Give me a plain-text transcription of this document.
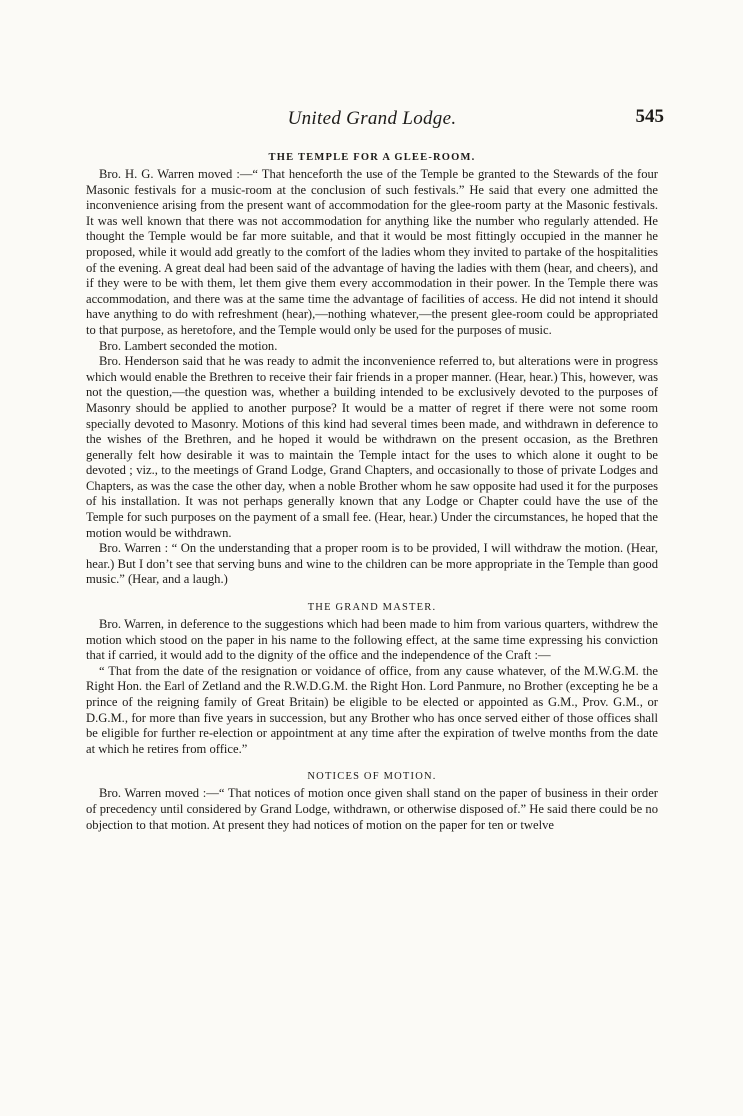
United Grand Lodge.	545
THE TEMPLE FOR A GLEE-ROOM.

Bro. H. G. Warren moved :—“ That henceforth the use of the Temple be granted to the Stewards of the four Masonic festivals for a music-room at the conclusion of such festivals.” He said that every one admitted the inconvenience arising from the present want of accommodation for the glee-room party at the Masonic festivals. It was well known that there was not accommodation for anything like the number who regularly attended. He thought the Temple would be far more suitable, and that it would be most fittingly occupied in the manner he proposed, while it would add greatly to the comfort of the ladies whom they invited to partake of the hospitalities of the evening. A great deal had been said of the advantage of having the ladies with them (hear, and cheers), and if they were to be with them, let them give them every accommodation in their power. In the Temple there was accommodation, and there was at the same time the advantage of facilities of access. He did not intend it should have anything to do with refreshment (hear),—nothing whatever,—the present glee-room could be appropriated to that purpose, as heretofore, and the Temple would only be used for the purposes of music.

Bro. Lambert seconded the motion.

Bro. Henderson said that he was ready to admit the inconvenience referred to, but alterations were in progress which would enable the Brethren to receive their fair friends in a proper manner. (Hear, hear.) This, however, was not the question,—the question was, whether a building intended to be exclusively devoted to the purposes of Masonry should be applied to another purpose? It would be a matter of regret if there were not some room specially devoted to Masonry. Motions of this kind had several times been made, and withdrawn in deference to the wishes of the Brethren, and he hoped it would be withdrawn on the present occasion, as the Brethren generally felt how desirable it was to maintain the Temple intact for the uses to which alone it ought to be devoted ; viz., to the meetings of Grand Lodge, Grand Chapters, and occasionally to those of private Lodges and Chapters, as was the case the other day, when a noble Brother whom he saw opposite had used it for the purposes of his installation. It was not perhaps generally known that any Lodge or Chapter could have the use of the Temple for such purposes on the payment of a small fee. (Hear, hear.) Under the circumstances, he hoped that the motion would be withdrawn.

Bro. Warren : “ On the understanding that a proper room is to be provided, I will withdraw the motion. (Hear, hear.) But I don’t see that serving buns and wine to the children can be more appropriate in the Temple than good music.” (Hear, and a laugh.)

THE GRAND MASTER.

Bro. Warren, in deference to the suggestions which had been made to him from various quarters, withdrew the motion which stood on the paper in his name to the following effect, at the same time expressing his conviction that if carried, it would add to the dignity of the office and the independence of the Craft :—

“ That from the date of the resignation or voidance of office, from any cause whatever, of the M.W.G.M. the Right Hon. the Earl of Zetland and the R.W.D.G.M. the Right Hon. Lord Panmure, no Brother (excepting he be a prince of the reigning family of Great Britain) be eligible to be elected or appointed as G.M., Prov. G.M., or D.G.M., for more than five years in succession, but any Brother who has once served either of those offices shall be eligible for further re-election or appointment at any time after the expiration of twelve months from the date at which he retires from office.”

NOTICES OF MOTION.

Bro. Warren moved :—“ That notices of motion once given shall stand on the paper of business in their order of precedency until considered by Grand Lodge, withdrawn, or otherwise disposed of.” He said there could be no objection to that motion. At present they had notices of motion on the paper for ten or twelve
